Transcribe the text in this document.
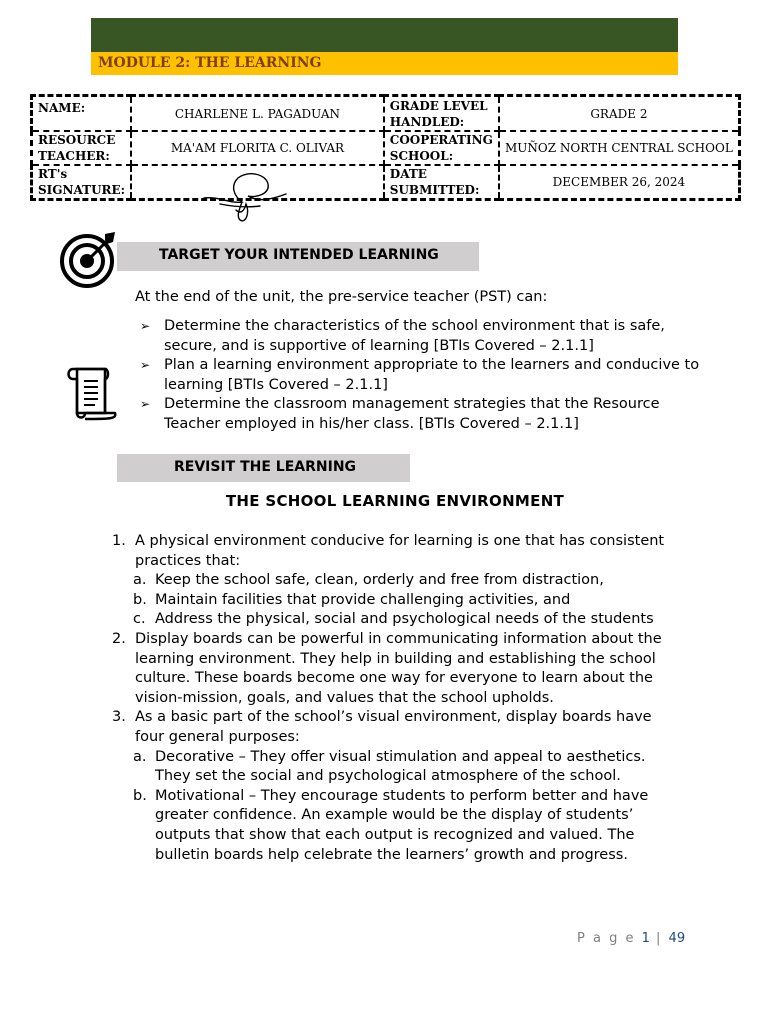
MODULE 2: THE LEARNING
NAME:	CHARLENE L. PAGADUAN	GRADE LEVEL HANDLED:	GRADE 2
RESOURCE TEACHER:	MA'AM FLORITA C. OLIVAR	COOPERATING SCHOOL:	MUÑOZ NORTH CENTRAL SCHOOL
RT's SIGNATURE:		DATE SUBMITTED:	DECEMBER 26, 2024
TARGET YOUR INTENDED LEARNING
At the end of the unit, the pre-service teacher (PST) can:
➢ Determine the characteristics of the school environment that is safe, secure, and is supportive of learning [BTIs Covered – 2.1.1]
➢ Plan a learning environment appropriate to the learners and conducive to learning [BTIs Covered – 2.1.1]
➢ Determine the classroom management strategies that the Resource Teacher employed in his/her class. [BTIs Covered – 2.1.1]
REVISIT THE LEARNING
THE SCHOOL LEARNING ENVIRONMENT
1. A physical environment conducive for learning is one that has consistent practices that:
a. Keep the school safe, clean, orderly and free from distraction,
b. Maintain facilities that provide challenging activities, and
c. Address the physical, social and psychological needs of the students
2. Display boards can be powerful in communicating information about the learning environment. They help in building and establishing the school culture. These boards become one way for everyone to learn about the vision-mission, goals, and values that the school upholds.
3. As a basic part of the school’s visual environment, display boards have four general purposes:
a. Decorative – They offer visual stimulation and appeal to aesthetics. They set the social and psychological atmosphere of the school.
b. Motivational – They encourage students to perform better and have greater confidence. An example would be the display of students’ outputs that show that each output is recognized and valued. The bulletin boards help celebrate the learners’ growth and progress.
P a g e 1 | 49
